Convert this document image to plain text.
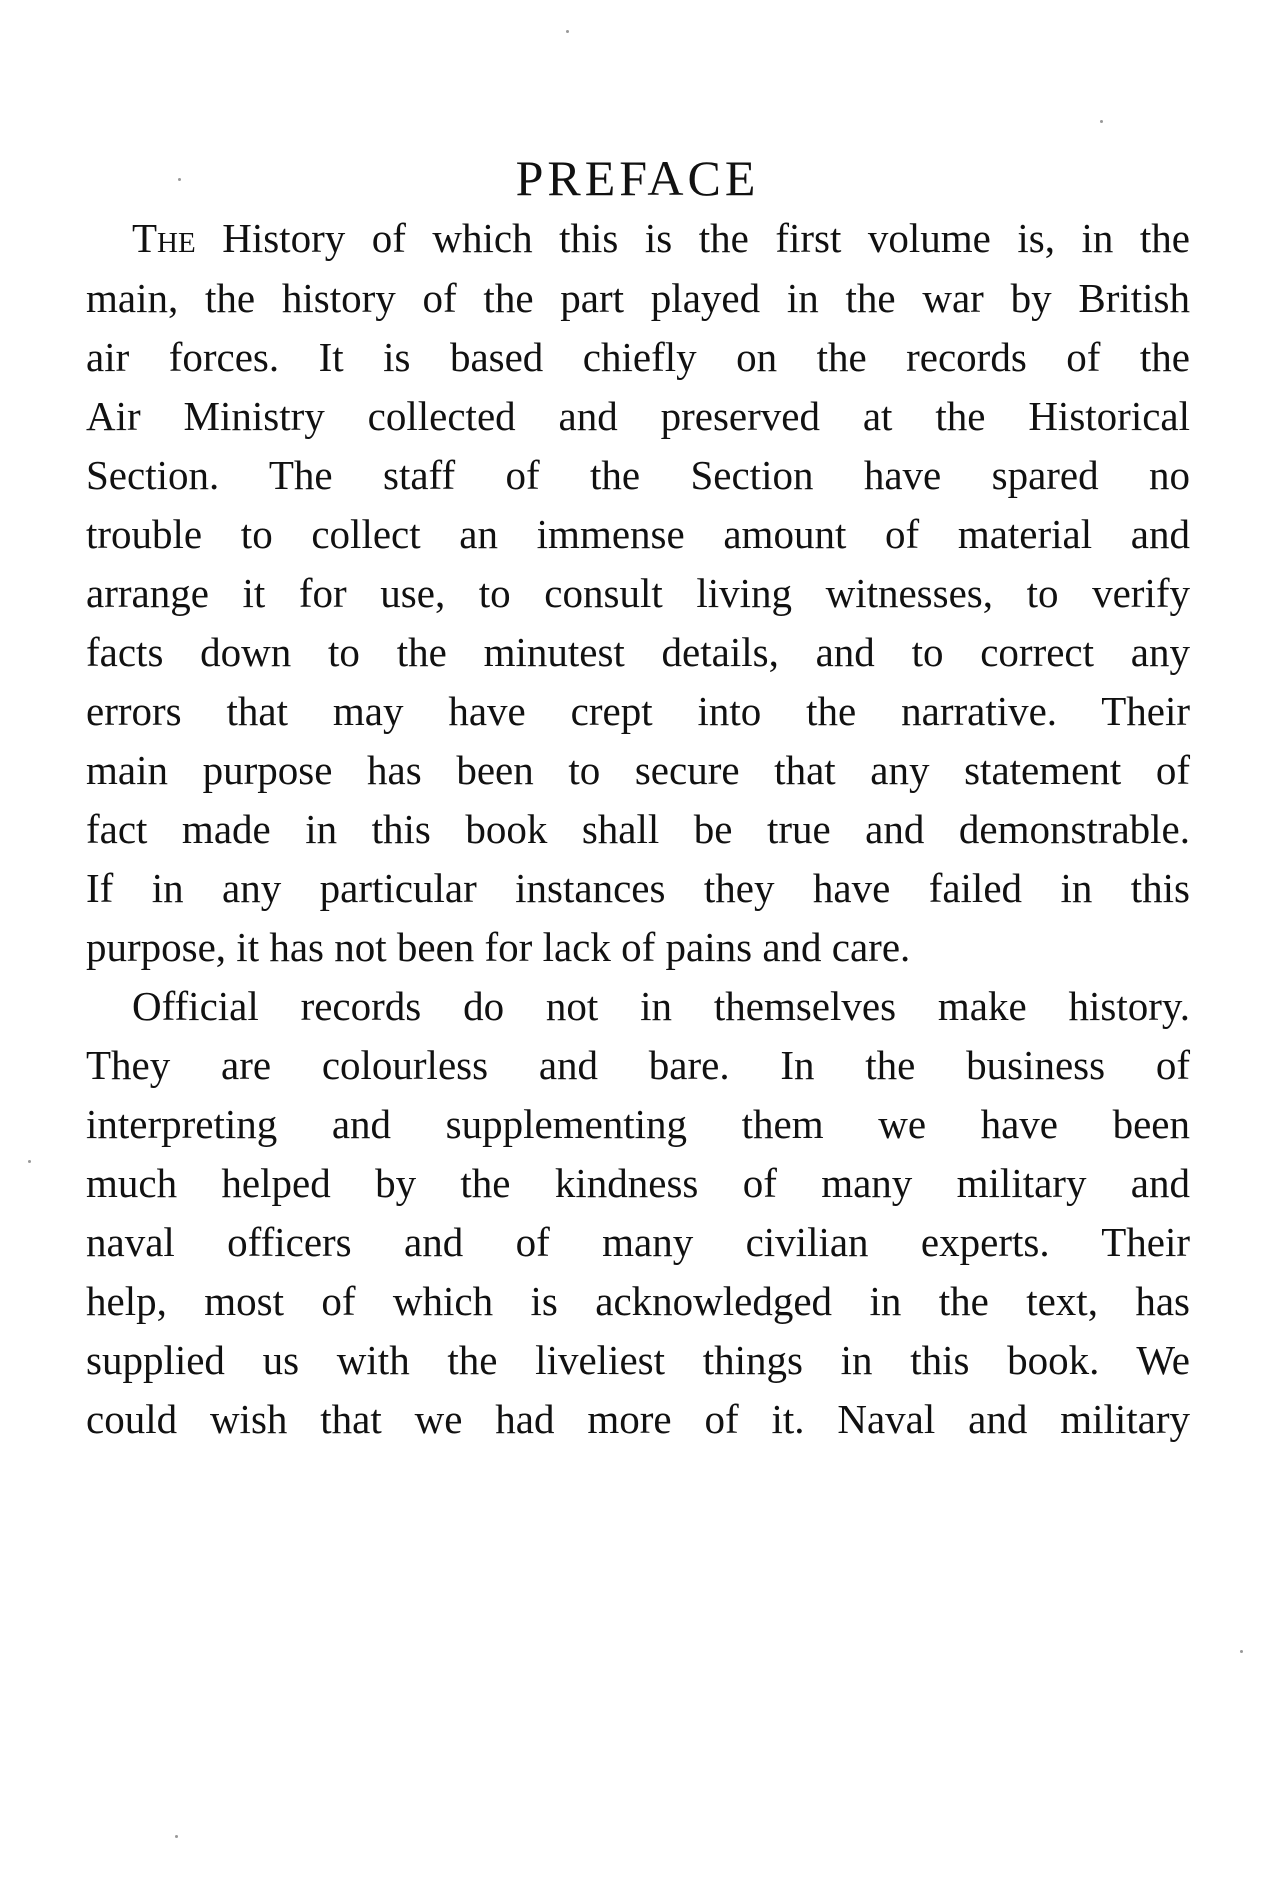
PREFACE
The History of which this is the first volume is, in the
main, the history of the part played in the war by British
air forces. It is based chiefly on the records of the
Air Ministry collected and preserved at the Historical
Section. The staff of the Section have spared no
trouble to collect an immense amount of material and
arrange it for use, to consult living witnesses, to verify
facts down to the minutest details, and to correct any
errors that may have crept into the narrative. Their
main purpose has been to secure that any statement of
fact made in this book shall be true and demonstrable.
If in any particular instances they have failed in this
purpose, it has not been for lack of pains and care.
Official records do not in themselves make history.
They are colourless and bare. In the business of
interpreting and supplementing them we have been
much helped by the kindness of many military and
naval officers and of many civilian experts. Their
help, most of which is acknowledged in the text, has
supplied us with the liveliest things in this book. We
could wish that we had more of it. Naval and military
